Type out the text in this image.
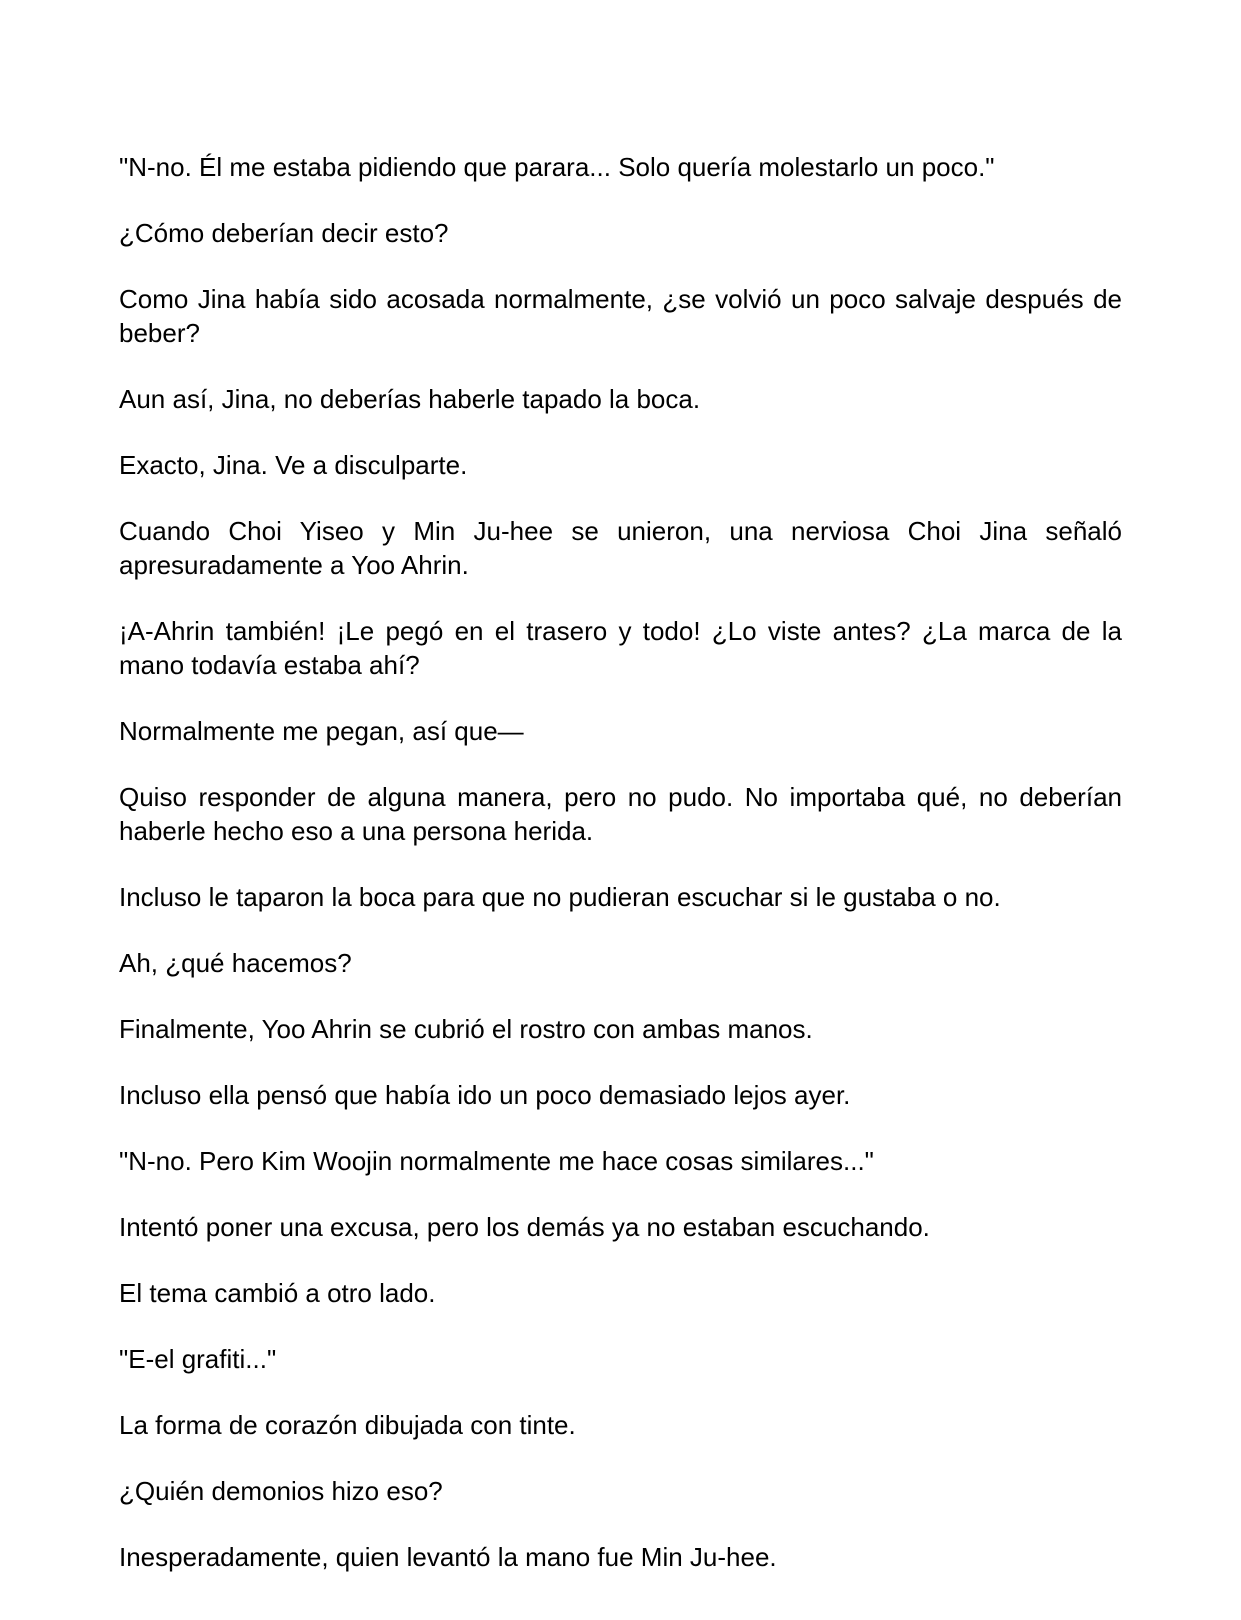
"N-no. Él me estaba pidiendo que parara... Solo quería molestarlo un poco."

¿Cómo deberían decir esto?

Como Jina había sido acosada normalmente, ¿se volvió un poco salvaje después de beber?

Aun así, Jina, no deberías haberle tapado la boca.

Exacto, Jina. Ve a disculparte.

Cuando Choi Yiseo y Min Ju-hee se unieron, una nerviosa Choi Jina señaló apresuradamente a Yoo Ahrin.

¡A-Ahrin también! ¡Le pegó en el trasero y todo! ¿Lo viste antes? ¿La marca de la mano todavía estaba ahí?

Normalmente me pegan, así que—

Quiso responder de alguna manera, pero no pudo. No importaba qué, no deberían haberle hecho eso a una persona herida.

Incluso le taparon la boca para que no pudieran escuchar si le gustaba o no.

Ah, ¿qué hacemos?

Finalmente, Yoo Ahrin se cubrió el rostro con ambas manos.

Incluso ella pensó que había ido un poco demasiado lejos ayer.

"N-no. Pero Kim Woojin normalmente me hace cosas similares..."

Intentó poner una excusa, pero los demás ya no estaban escuchando.

El tema cambió a otro lado.

"E-el grafiti..."

La forma de corazón dibujada con tinte.

¿Quién demonios hizo eso?

Inesperadamente, quien levantó la mano fue Min Ju-hee.
